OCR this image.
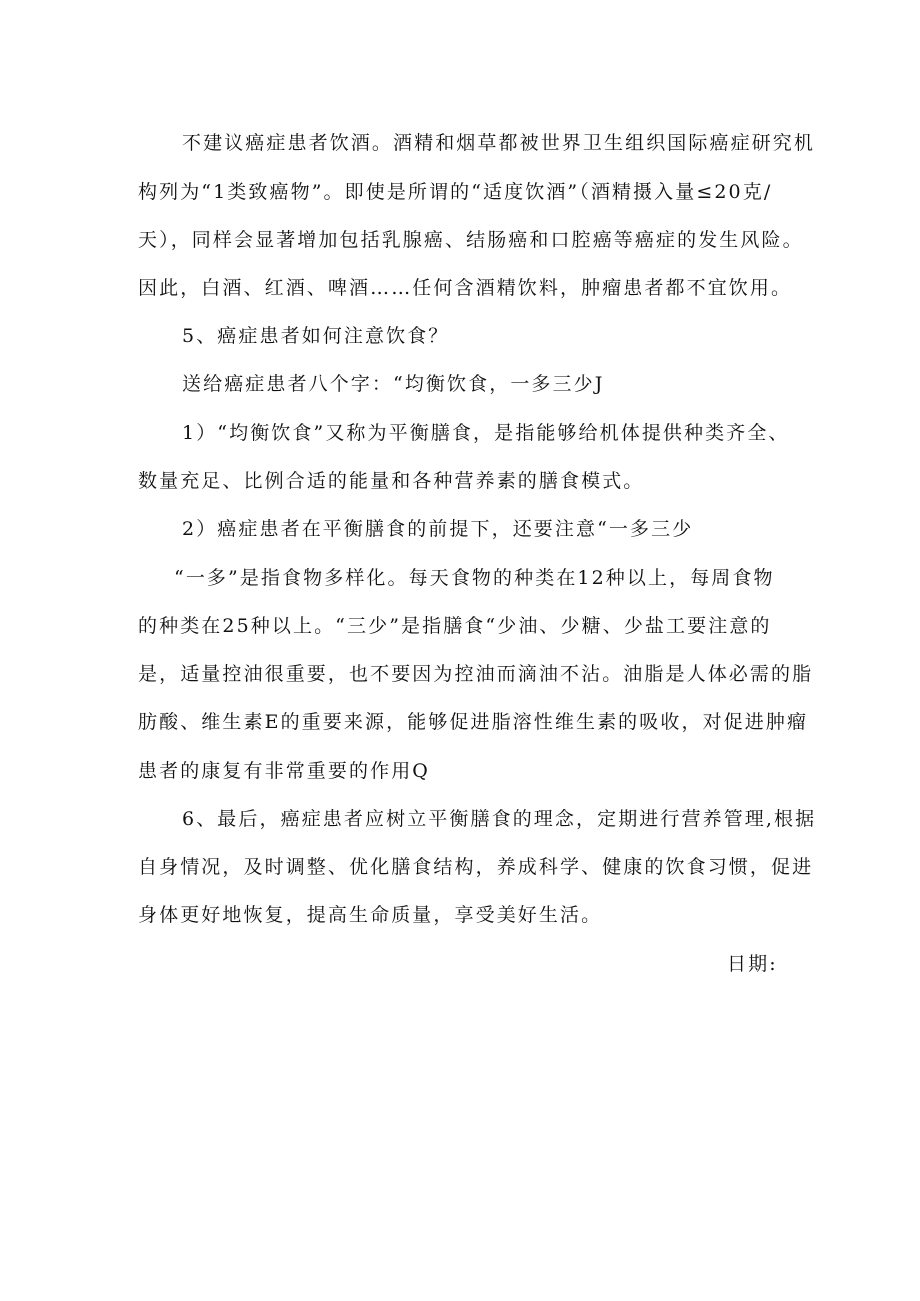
不建议癌症患者饮酒。酒精和烟草都被世界卫生组织国际癌症研究机
构列为“1类致癌物”。即使是所谓的“适度饮酒”（酒精摄入量≤20克/
天），同样会显著增加包括乳腺癌、结肠癌和口腔癌等癌症的发生风险。
因此，白酒、红酒、啤酒……任何含酒精饮料，肿瘤患者都不宜饮用。
5、癌症患者如何注意饮食？
送给癌症患者八个字：“均衡饮食，一多三少J
1）“均衡饮食”又称为平衡膳食，是指能够给机体提供种类齐全、
数量充足、比例合适的能量和各种营养素的膳食模式。
2）癌症患者在平衡膳食的前提下，还要注意“一多三少
“一多”是指食物多样化。每天食物的种类在12种以上，每周食物
的种类在25种以上。“三少”是指膳食“少油、少糖、少盐工要注意的
是，适量控油很重要，也不要因为控油而滴油不沾。油脂是人体必需的脂
肪酸、维生素E的重要来源，能够促进脂溶性维生素的吸收，对促进肿瘤
患者的康复有非常重要的作用Q
6、最后，癌症患者应树立平衡膳食的理念，定期进行营养管理,根据
自身情况，及时调整、优化膳食结构，养成科学、健康的饮食习惯，促进
身体更好地恢复，提高生命质量，享受美好生活。
日期:
